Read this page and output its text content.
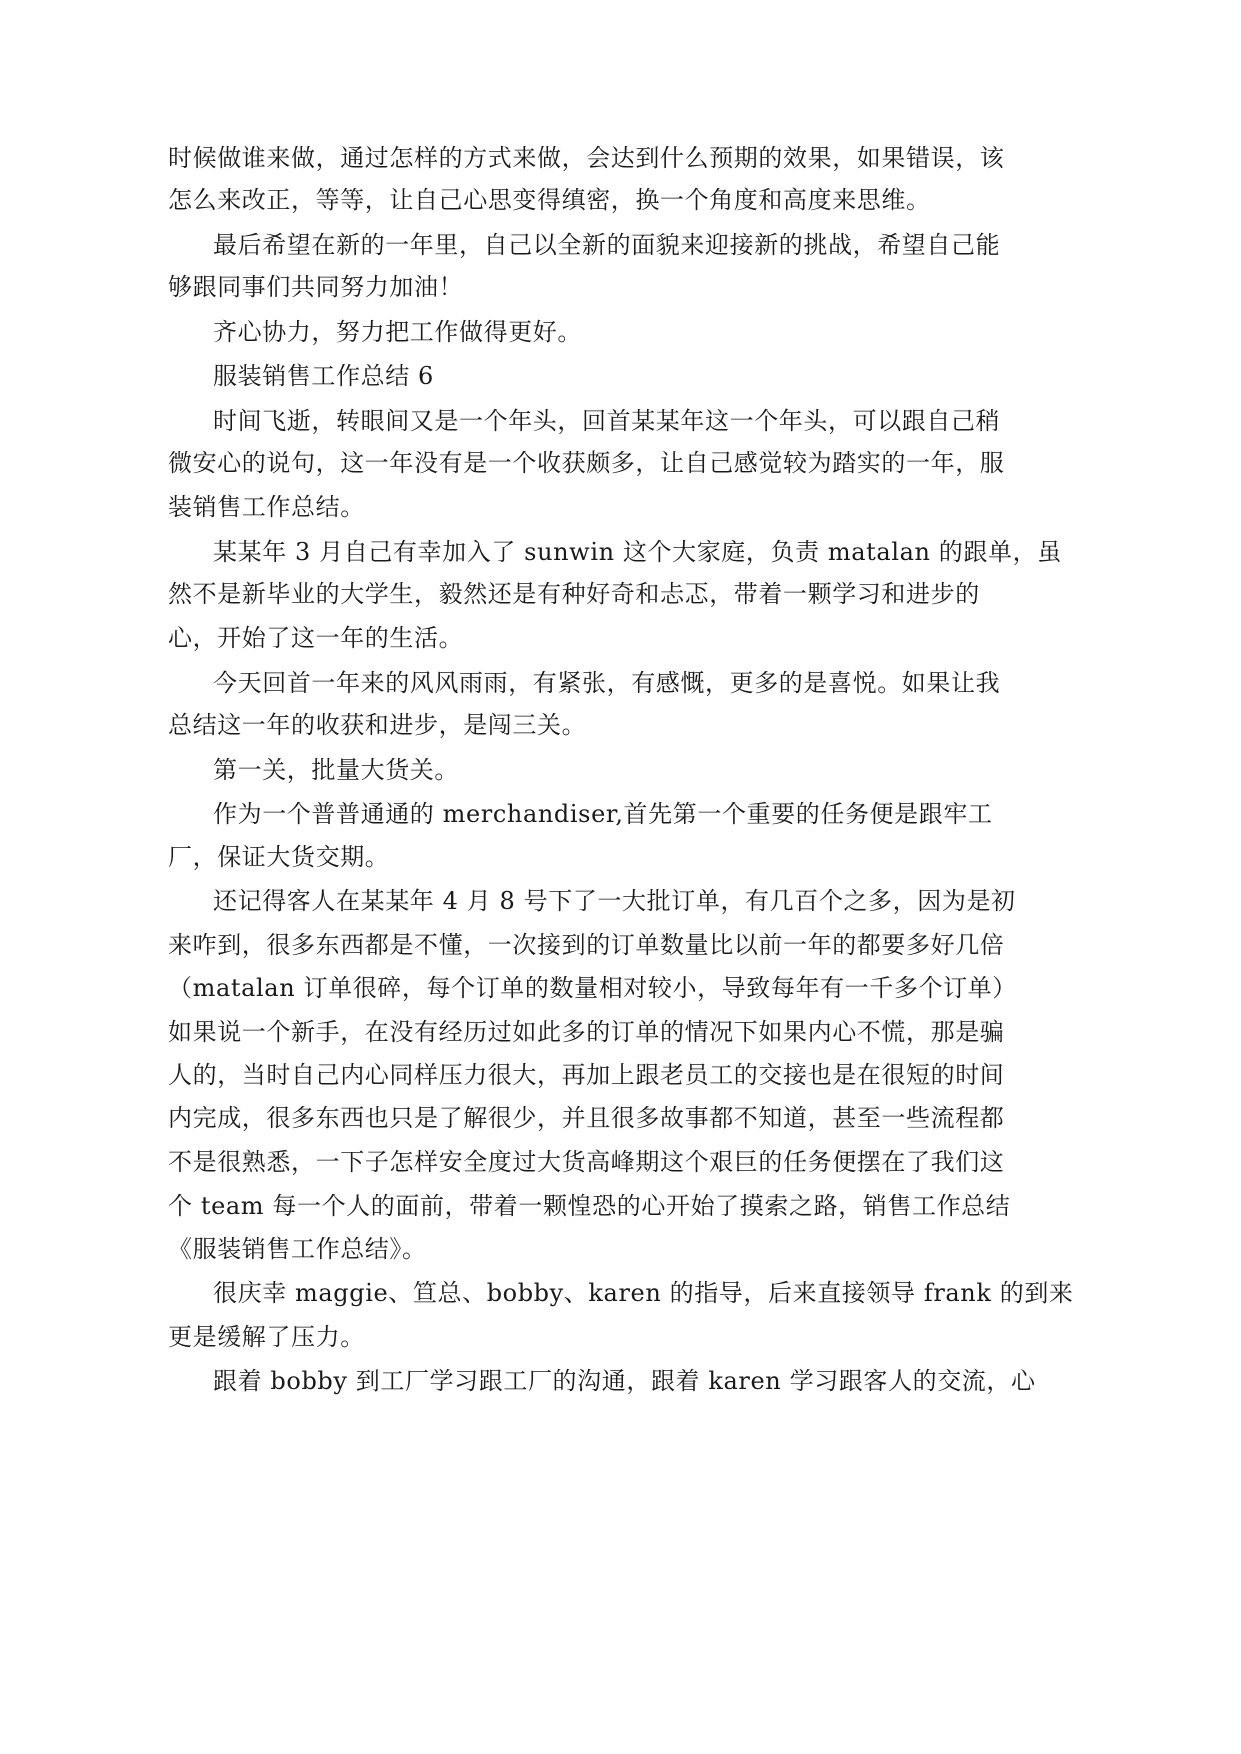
时候做谁来做，通过怎样的方式来做，会达到什么预期的效果，如果错误，该
怎么来改正，等等，让自己心思变得缜密，换一个角度和高度来思维。
最后希望在新的一年里，自己以全新的面貌来迎接新的挑战，希望自己能
够跟同事们共同努力加油！
齐心协力，努力把工作做得更好。
服装销售工作总结 6
时间飞逝，转眼间又是一个年头，回首某某年这一个年头，可以跟自己稍
微安心的说句，这一年没有是一个收获颇多，让自己感觉较为踏实的一年，服
装销售工作总结。
某某年 3 月自己有幸加入了 sunwin 这个大家庭，负责 matalan 的跟单，虽
然不是新毕业的大学生，毅然还是有种好奇和忐忑，带着一颗学习和进步的
心，开始了这一年的生活。
今天回首一年来的风风雨雨，有紧张，有感慨，更多的是喜悦。如果让我
总结这一年的收获和进步，是闯三关。
第一关，批量大货关。
作为一个普普通通的 merchandiser,首先第一个重要的任务便是跟牢工
厂，保证大货交期。
还记得客人在某某年 4 月 8 号下了一大批订单，有几百个之多，因为是初
来咋到，很多东西都是不懂，一次接到的订单数量比以前一年的都要多好几倍
（matalan 订单很碎，每个订单的数量相对较小，导致每年有一千多个订单）
如果说一个新手，在没有经历过如此多的订单的情况下如果内心不慌，那是骗
人的，当时自己内心同样压力很大，再加上跟老员工的交接也是在很短的时间
内完成，很多东西也只是了解很少，并且很多故事都不知道，甚至一些流程都
不是很熟悉，一下子怎样安全度过大货高峰期这个艰巨的任务便摆在了我们这
个 team 每一个人的面前，带着一颗惶恐的心开始了摸索之路，销售工作总结
《服装销售工作总结》。
很庆幸 maggie、笪总、bobby、karen 的指导，后来直接领导 frank 的到来
更是缓解了压力。
跟着 bobby 到工厂学习跟工厂的沟通，跟着 karen 学习跟客人的交流，心
